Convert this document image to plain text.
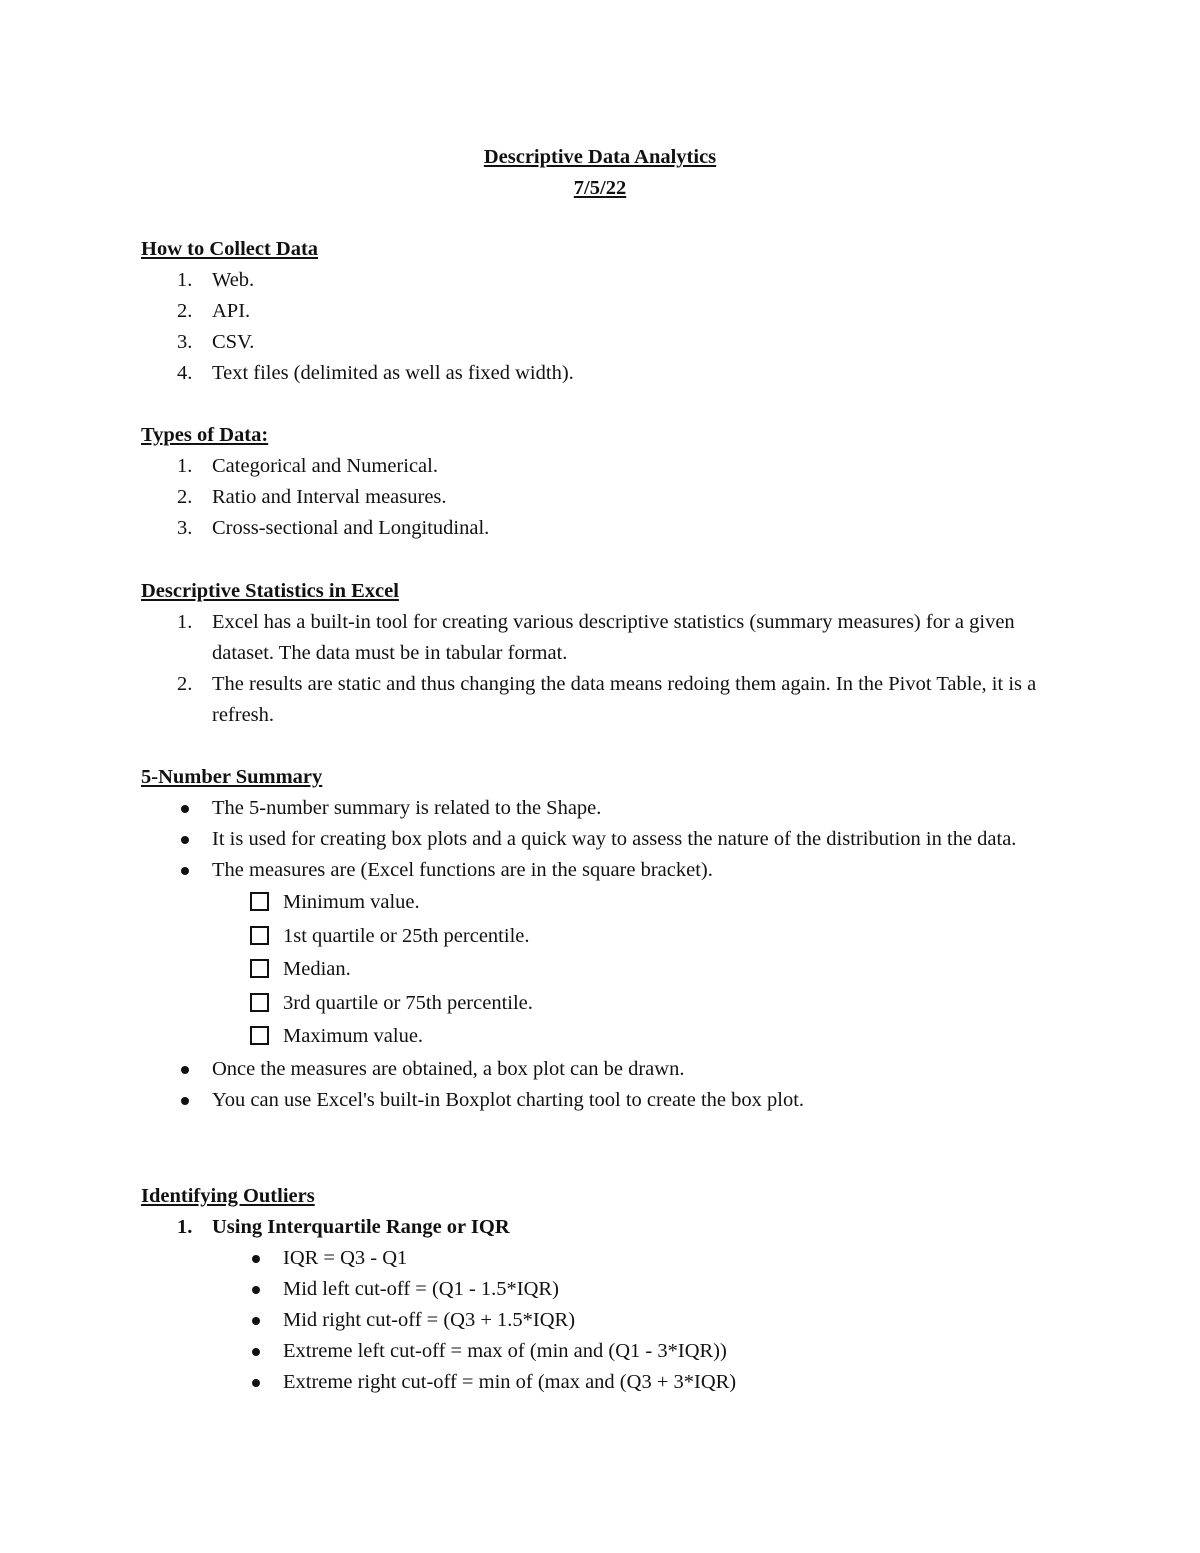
Descriptive Data Analytics
7/5/22
How to Collect Data
1. Web.
2. API.
3. CSV.
4. Text files (delimited as well as fixed width).
Types of Data:
1. Categorical and Numerical.
2. Ratio and Interval measures.
3. Cross-sectional and Longitudinal.
Descriptive Statistics in Excel
1. Excel has a built-in tool for creating various descriptive statistics (summary measures) for a given dataset. The data must be in tabular format.
2. The results are static and thus changing the data means redoing them again. In the Pivot Table, it is a refresh.
5-Number Summary
The 5-number summary is related to the Shape.
It is used for creating box plots and a quick way to assess the nature of the distribution in the data.
The measures are (Excel functions are in the square bracket).
Minimum value.
1st quartile or 25th percentile.
Median.
3rd quartile or 75th percentile.
Maximum value.
Once the measures are obtained, a box plot can be drawn.
You can use Excel's built-in Boxplot charting tool to create the box plot.
Identifying Outliers
1. Using Interquartile Range or IQR
IQR = Q3 - Q1
Mid left cut-off = (Q1 - 1.5*IQR)
Mid right cut-off = (Q3 + 1.5*IQR)
Extreme left cut-off = max of (min and (Q1 - 3*IQR))
Extreme right cut-off = min of (max and (Q3 + 3*IQR)
